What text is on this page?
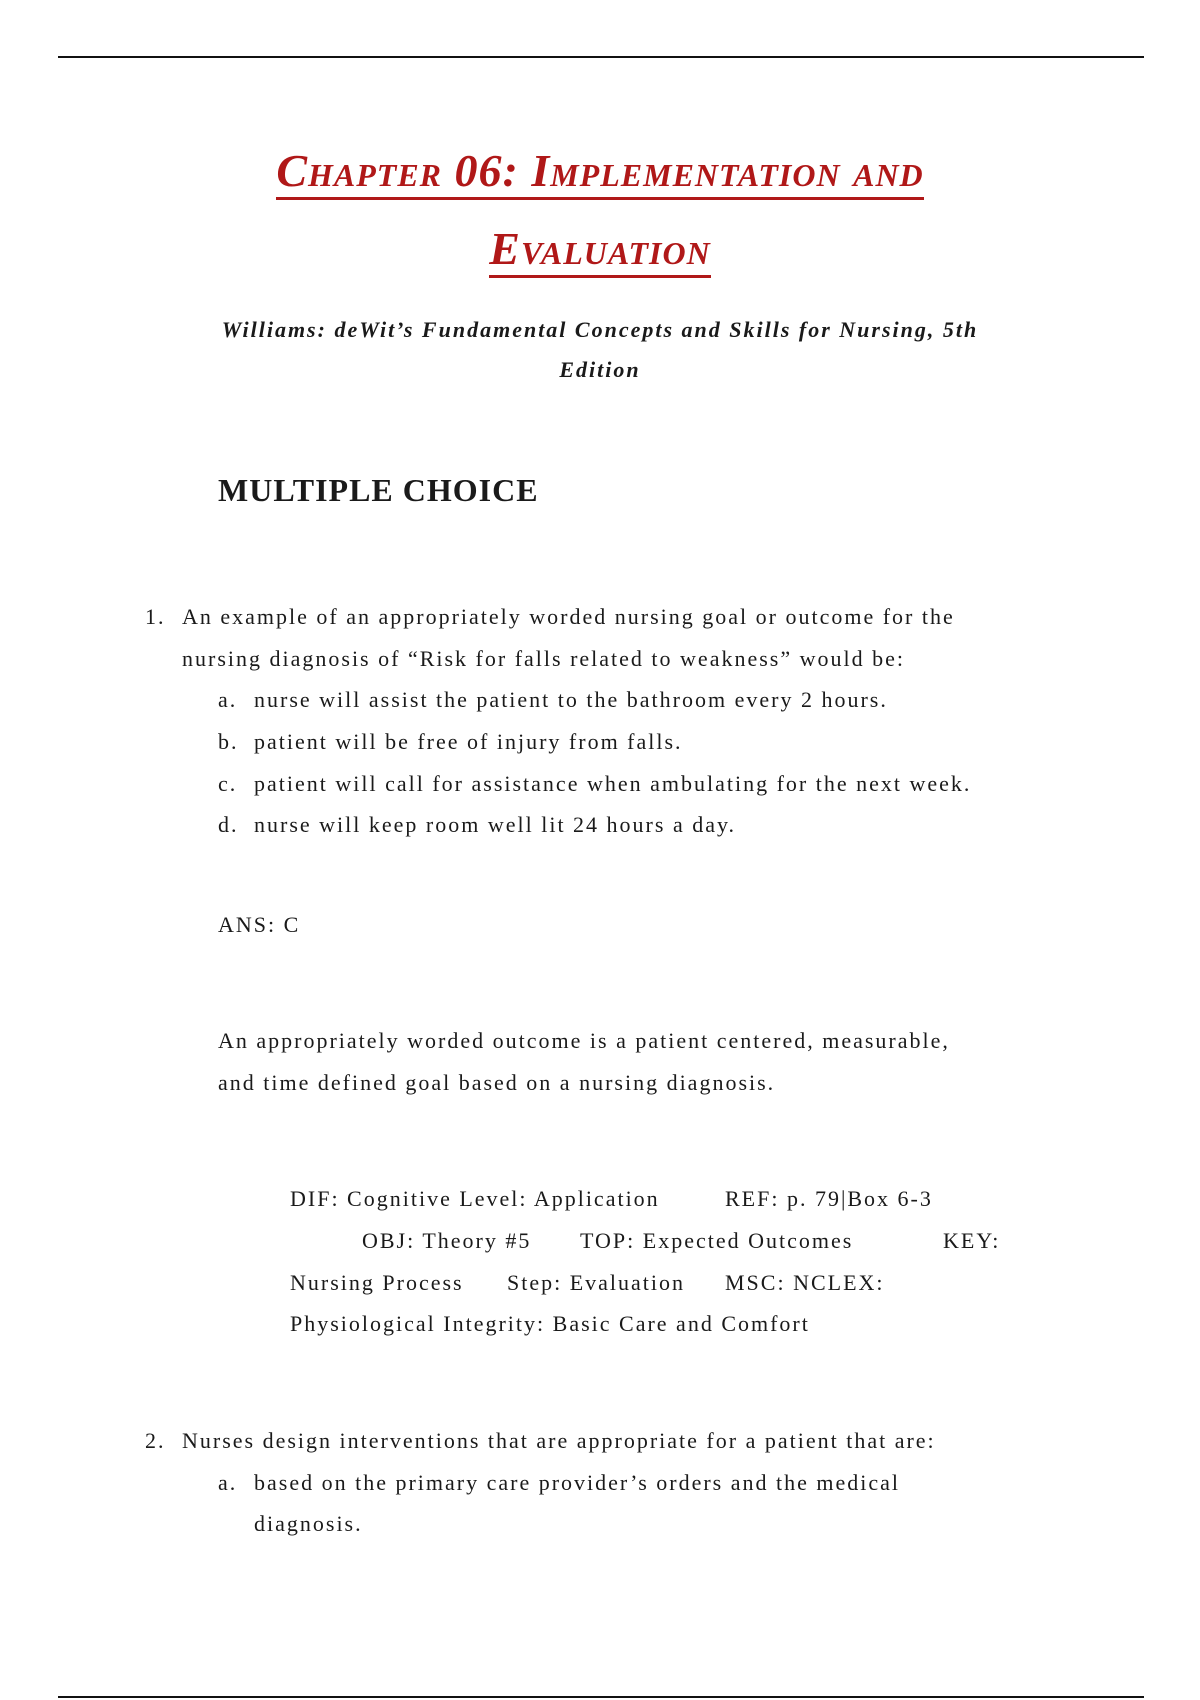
Chapter 06: Implementation and
Evaluation
Williams: deWit’s Fundamental Concepts and Skills for Nursing, 5th
Edition
MULTIPLE CHOICE
1. An example of an appropriately worded nursing goal or outcome for the
nursing diagnosis of “Risk for falls related to weakness” would be:
a. nurse will assist the patient to the bathroom every 2 hours.
b. patient will be free of injury from falls.
c. patient will call for assistance when ambulating for the next week.
d. nurse will keep room well lit 24 hours a day.
ANS: C
An appropriately worded outcome is a patient centered, measurable,
and time defined goal based on a nursing diagnosis.
DIF: Cognitive Level: Application	REF: p. 79|Box 6-3
OBJ: Theory #5 TOP: Expected Outcomes	KEY:
Nursing Process Step: Evaluation MSC: NCLEX:
Physiological Integrity: Basic Care and Comfort
2. Nurses design interventions that are appropriate for a patient that are:
a. based on the primary care provider’s orders and the medical
diagnosis.
